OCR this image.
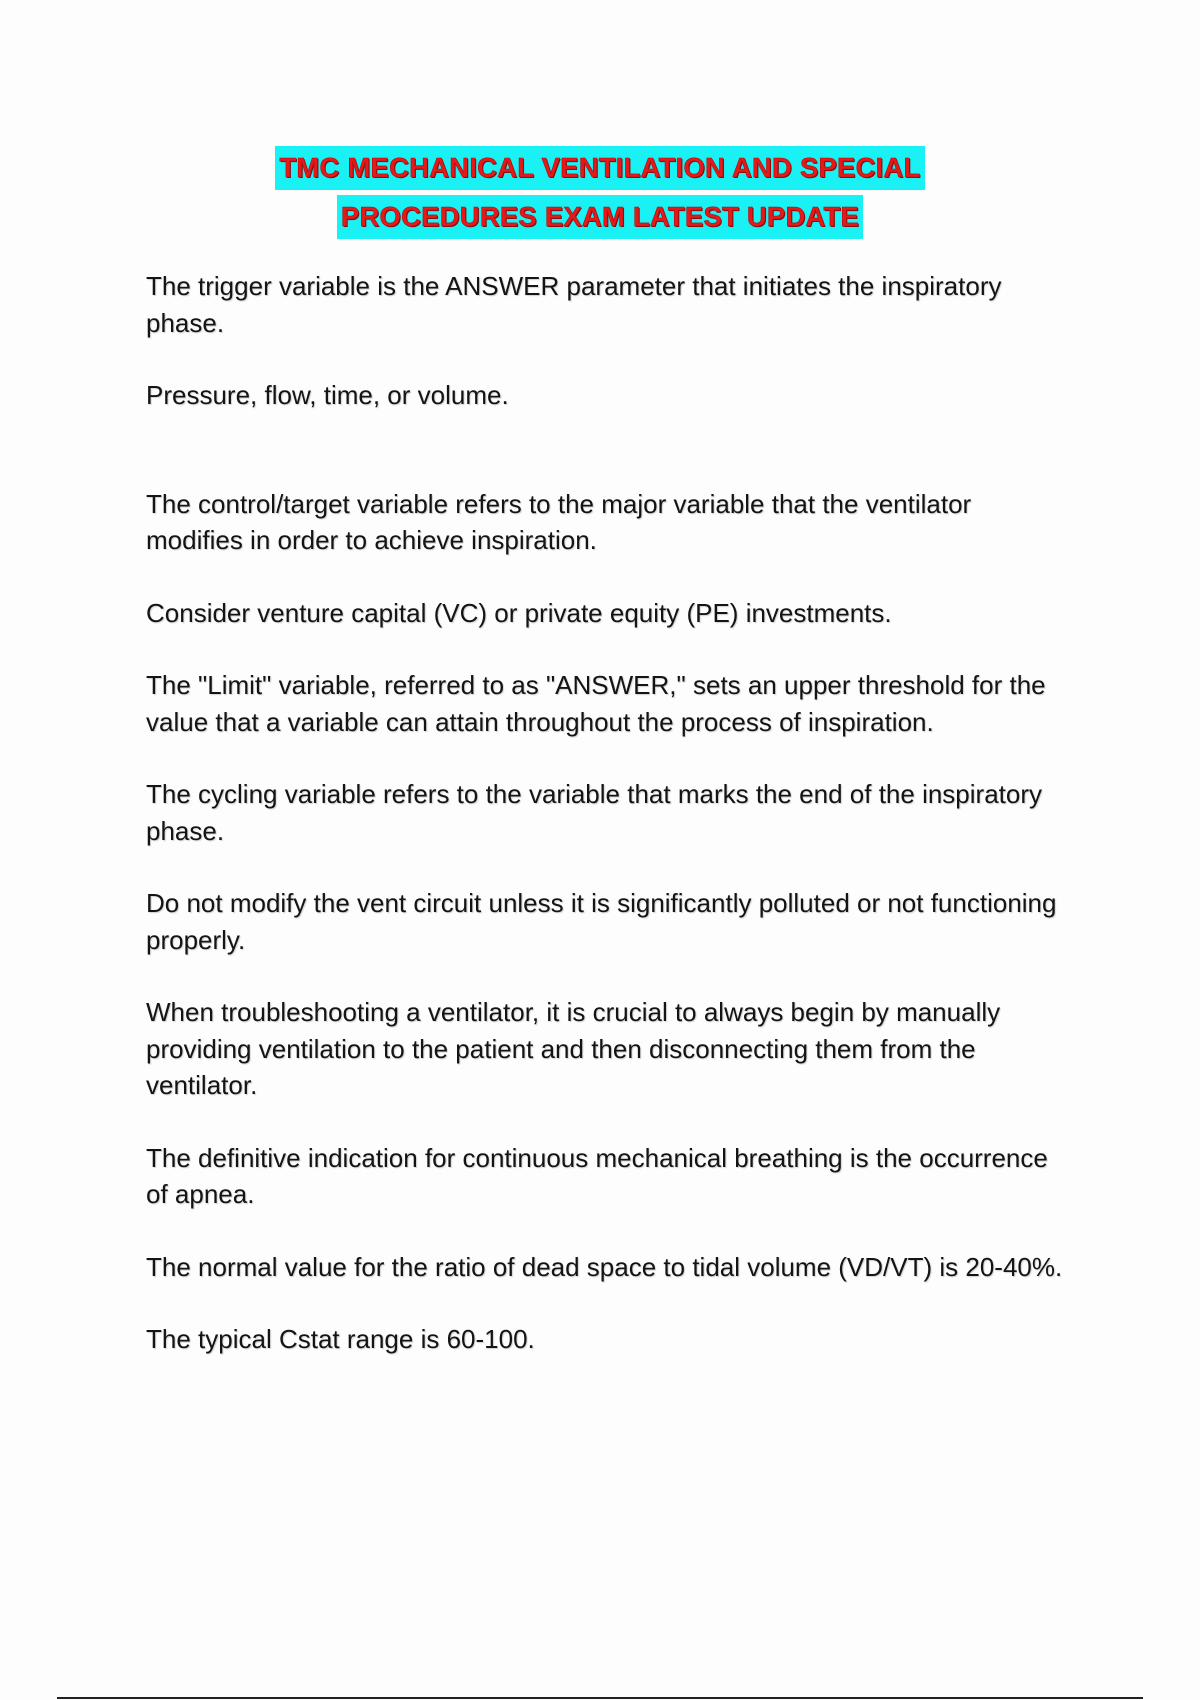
TMC MECHANICAL VENTILATION AND SPECIAL
PROCEDURES EXAM LATEST UPDATE

The trigger variable is the ANSWER parameter that initiates the inspiratory phase.

Pressure, flow, time, or volume.

The control/target variable refers to the major variable that the ventilator modifies in order to achieve inspiration.

Consider venture capital (VC) or private equity (PE) investments.

The "Limit" variable, referred to as "ANSWER," sets an upper threshold for the value that a variable can attain throughout the process of inspiration.

The cycling variable refers to the variable that marks the end of the inspiratory phase.

Do not modify the vent circuit unless it is significantly polluted or not functioning properly.

When troubleshooting a ventilator, it is crucial to always begin by manually providing ventilation to the patient and then disconnecting them from the ventilator.

The definitive indication for continuous mechanical breathing is the occurrence of apnea.

The normal value for the ratio of dead space to tidal volume (VD/VT) is 20-40%.

The typical Cstat range is 60-100.
